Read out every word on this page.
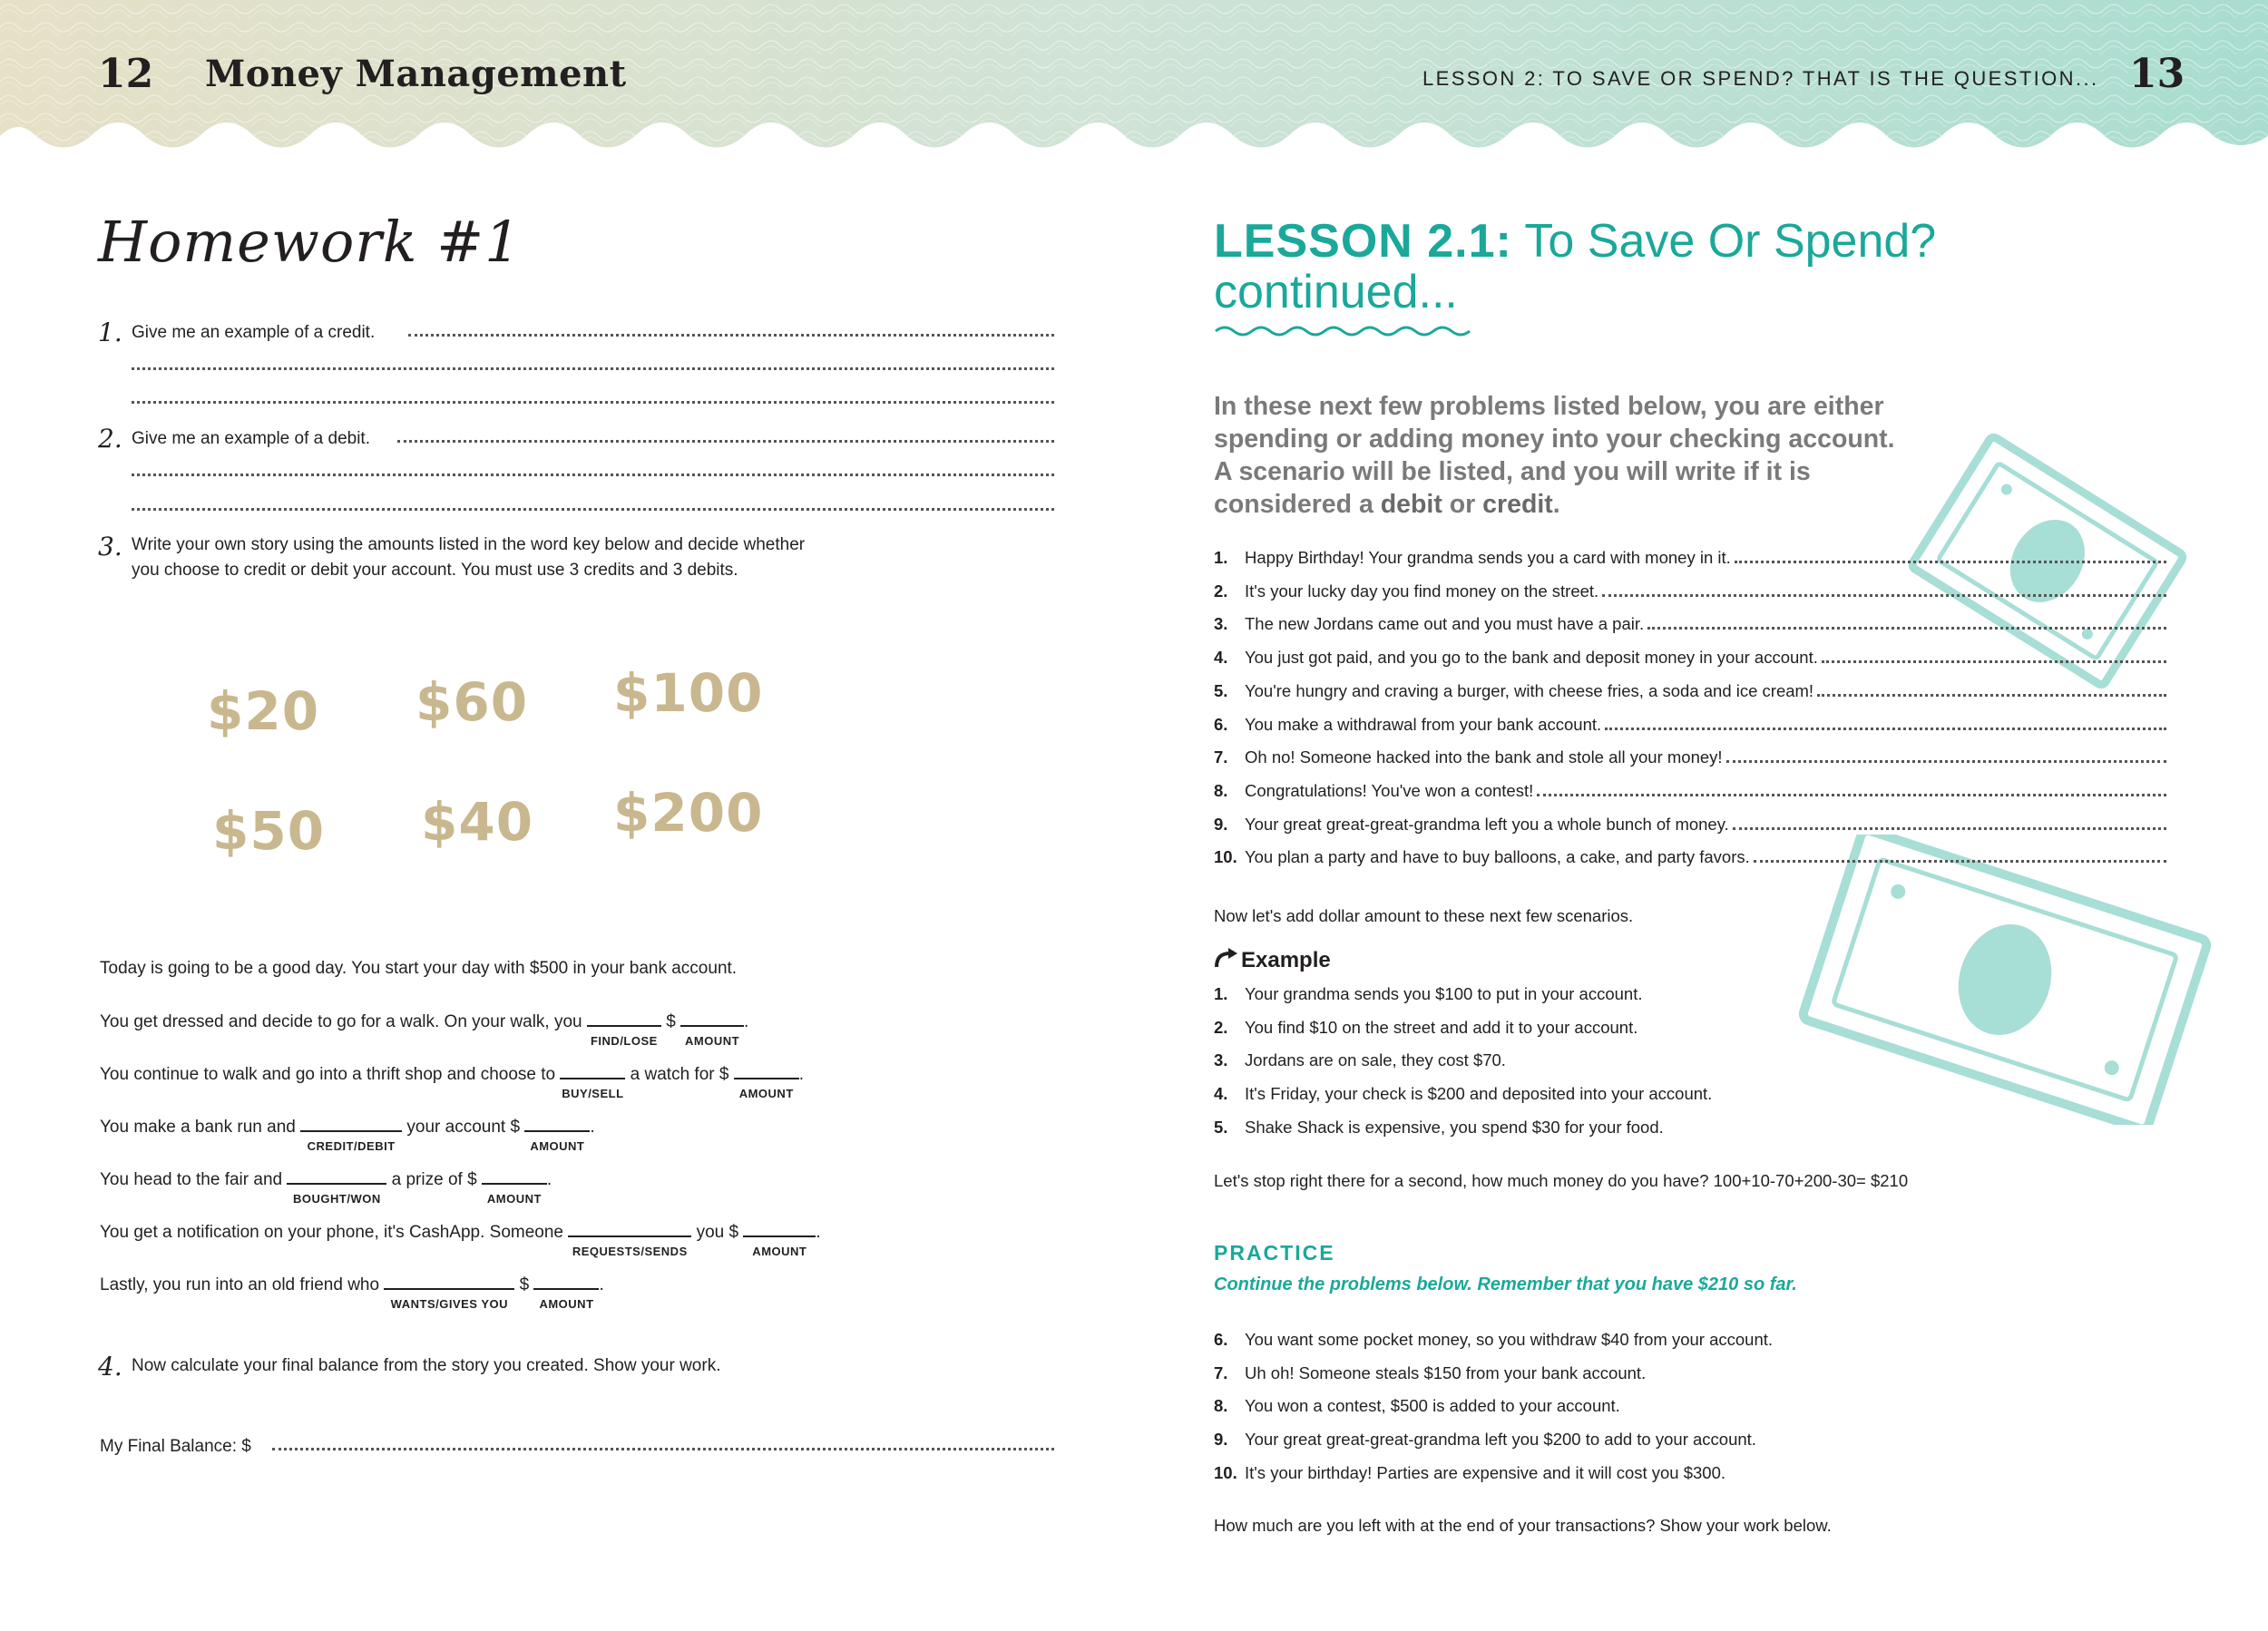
12 Money Management	LESSON 2: TO SAVE OR SPEND? THAT IS THE QUESTION... 13
Homework #1
1. Give me an example of a credit.
2. Give me an example of a debit.
3. Write your own story using the amounts listed in the word key below and decide whether
you choose to credit or debit your account. You must use 3 credits and 3 debits.
$20 $60 $100
$50 $40 $200
Today is going to be a good day. You start your day with $500 in your bank account.
You get dressed and decide to go for a walk. On your walk, you
FIND/LOSE
$
AMOUNT
.
You continue to walk and go into a thrift shop and choose to
BUY/SELL
a watch for $
AMOUNT
.
You make a bank run and
CREDIT/DEBIT
your account $
AMOUNT
.
You head to the fair and
BOUGHT/WON
a prize of $
AMOUNT
.
You get a notification on your phone, it's CashApp. Someone
REQUESTS/SENDS
you $
AMOUNT
.
Lastly, you run into an old friend who
WANTS/GIVES YOU
$
AMOUNT
.
4. Now calculate your final balance from the story you created. Show your work.
My Final Balance: $
LESSON 2.1: To Save Or Spend?
continued...
In these next few problems listed below, you are either
spending or adding money into your checking account.
A scenario will be listed, and you will write if it is
considered a debit or credit.
1. Happy Birthday! Your grandma sends you a card with money in it.
2. It's your lucky day you find money on the street.
3. The new Jordans came out and you must have a pair.
4. You just got paid, and you go to the bank and deposit money in your account.
5. You're hungry and craving a burger, with cheese fries, a soda and ice cream!
6. You make a withdrawal from your bank account.
7. Oh no! Someone hacked into the bank and stole all your money!
8. Congratulations! You've won a contest!
9. Your great great-great-grandma left you a whole bunch of money.
10. You plan a party and have to buy balloons, a cake, and party favors.
Now let's add dollar amount to these next few scenarios.
Example
1. Your grandma sends you $100 to put in your account.
2. You find $10 on the street and add it to your account.
3. Jordans are on sale, they cost $70.
4. It's Friday, your check is $200 and deposited into your account.
5. Shake Shack is expensive, you spend $30 for your food.
Let's stop right there for a second, how much money do you have? 100+10-70+200-30= $210
PRACTICE
Continue the problems below. Remember that you have $210 so far.
6. You want some pocket money, so you withdraw $40 from your account.
7. Uh oh! Someone steals $150 from your bank account.
8. You won a contest, $500 is added to your account.
9. Your great great-great-grandma left you $200 to add to your account.
10. It's your birthday! Parties are expensive and it will cost you $300.
How much are you left with at the end of your transactions? Show your work below.
